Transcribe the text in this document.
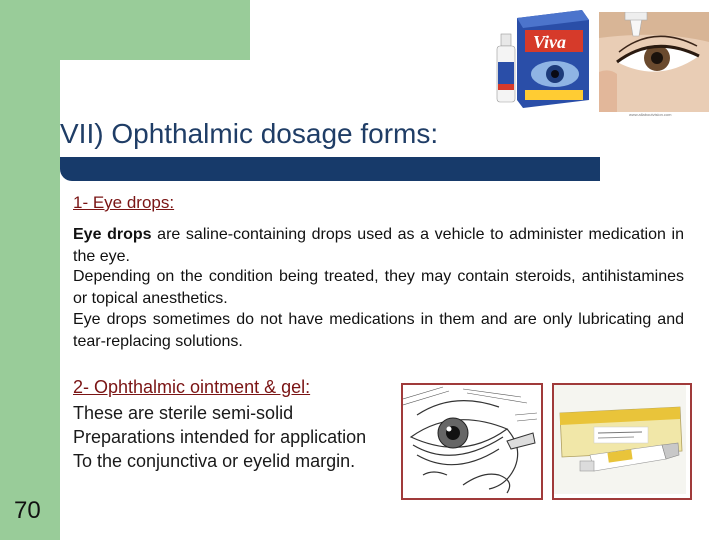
Viva
www.allaboutvision.com
VII) Ophthalmic dosage forms:
1- Eye drops:
Eye drops are saline-containing drops used as a vehicle to administer medication in the eye.
Depending on the condition being treated, they may contain steroids, antihistamines or topical anesthetics.
Eye drops sometimes do not have medications in them and are only lubricating and tear-replacing solutions.
2- Ophthalmic ointment & gel:
These are sterile semi-solid
Preparations intended for application
To the conjunctiva or eyelid margin.
70
